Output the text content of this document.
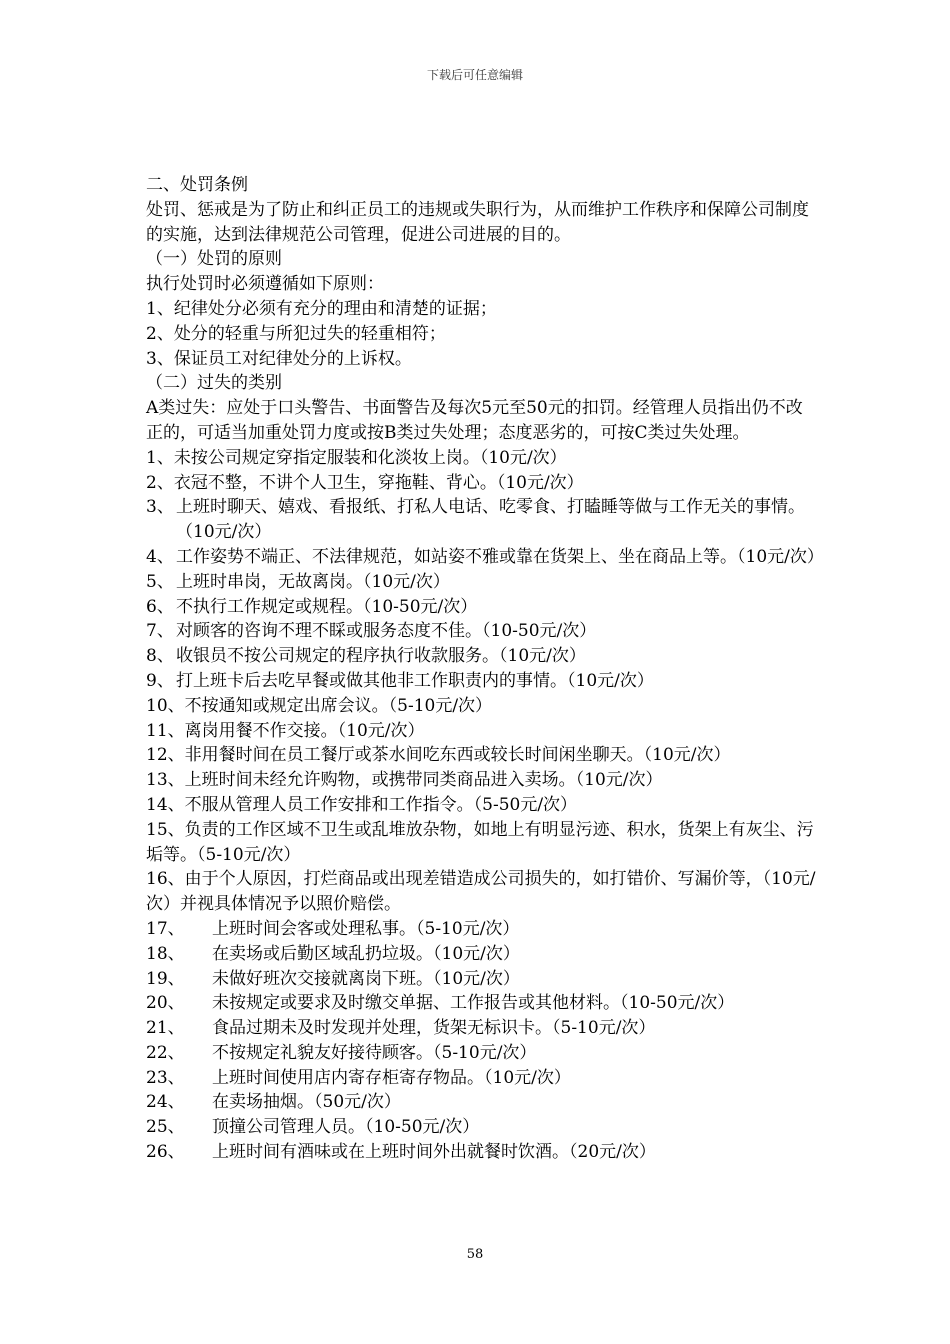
下载后可任意编辑
二、处罚条例
处罚、惩戒是为了防止和纠正员工的违规或失职行为，从而维护工作秩序和保障公司制度的实施，达到法律规范公司管理，促进公司进展的目的。
（一）处罚的原则
执行处罚时必须遵循如下原则：
1、纪律处分必须有充分的理由和清楚的证据；
2、处分的轻重与所犯过失的轻重相符；
3、保证员工对纪律处分的上诉权。
（二）过失的类别
A类过失：应处于口头警告、书面警告及每次5元至50元的扣罚。经管理人员指出仍不改正的，可适当加重处罚力度或按B类过失处理；态度恶劣的，可按C类过失处理。
1、未按公司规定穿指定服装和化淡妆上岗。（10元/次）
2、衣冠不整，不讲个人卫生，穿拖鞋、背心。（10元/次）
3、 上班时聊天、嬉戏、看报纸、打私人电话、吃零食、打瞌睡等做与工作无关的事情。（10元/次）
4、 工作姿势不端正、不法律规范，如站姿不雅或靠在货架上、坐在商品上等。（10元/次）
5、 上班时串岗，无故离岗。（10元/次）
6、 不执行工作规定或规程。（10-50元/次）
7、 对顾客的咨询不理不睬或服务态度不佳。（10-50元/次）
8、 收银员不按公司规定的程序执行收款服务。（10元/次）
9、 打上班卡后去吃早餐或做其他非工作职责内的事情。（10元/次）
10、不按通知或规定出席会议。（5-10元/次）
11、离岗用餐不作交接。（10元/次）
12、非用餐时间在员工餐厅或茶水间吃东西或较长时间闲坐聊天。（10元/次）
13、上班时间未经允许购物，或携带同类商品进入卖场。（10元/次）
14、不服从管理人员工作安排和工作指令。（5-50元/次）
15、负责的工作区域不卫生或乱堆放杂物，如地上有明显污迹、积水，货架上有灰尘、污垢等。（5-10元/次）
16、由于个人原因，打烂商品或出现差错造成公司损失的，如打错价、写漏价等，（10元/次）并视具体情况予以照价赔偿。
17、	上班时间会客或处理私事。（5-10元/次）
18、	在卖场或后勤区域乱扔垃圾。（10元/次）
19、	未做好班次交接就离岗下班。（10元/次）
20、	未按规定或要求及时缴交单据、工作报告或其他材料。（10-50元/次）
21、	食品过期未及时发现并处理，货架无标识卡。（5-10元/次）
22、	不按规定礼貌友好接待顾客。（5-10元/次）
23、	上班时间使用店内寄存柜寄存物品。（10元/次）
24、	在卖场抽烟。（50元/次）
25、	顶撞公司管理人员。（10-50元/次）
26、	上班时间有酒味或在上班时间外出就餐时饮酒。（20元/次）
58
